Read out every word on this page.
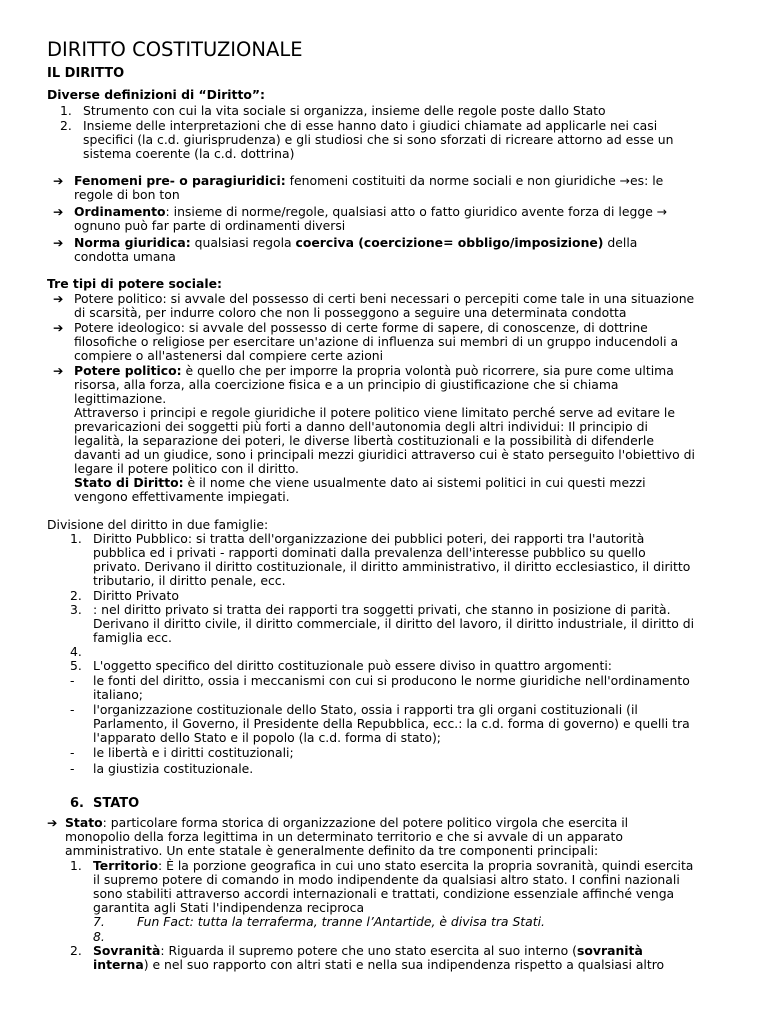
DIRITTO COSTITUZIONALE
IL DIRITTO
Diverse definizioni di “Diritto”:
1. Strumento con cui la vita sociale si organizza, insieme delle regole poste dallo Stato
2. Insieme delle interpretazioni che di esse hanno dato i giudici chiamate ad applicarle nei casi
specifici (la c.d. giurisprudenza) e gli studiosi che si sono sforzati di ricreare attorno ad esse un
sistema coerente (la c.d. dottrina)
➔ Fenomeni pre- o paragiuridici: fenomeni costituiti da norme sociali e non giuridiche →es: le
regole di bon ton
➔ Ordinamento: insieme di norme/regole, qualsiasi atto o fatto giuridico avente forza di legge →
ognuno può far parte di ordinamenti diversi
➔ Norma giuridica: qualsiasi regola coercivа (coercizione= obbligo/imposizione) della
condotta umana
Tre tipi di potere sociale:
➔ Potere politico: si avvale del possesso di certi beni necessari o percepiti come tale in una situazione
di scarsità, per indurre coloro che non li posseggono a seguire una determinata condotta
➔ Potere ideologico: si avvale del possesso di certe forme di sapere, di conoscenze, di dottrine
filosofiche o religiose per esercitare un'azione di influenza sui membri di un gruppo inducendoli a
compiere o all'astenersi dal compiere certe azioni
➔ Potere politico: è quello che per imporre la propria volontà può ricorrere, sia pure come ultima
risorsa, alla forza, alla coercizione fisica e a un principio di giustificazione che si chiama
legittimazione.
Attraverso i principi e regole giuridiche il potere politico viene limitato perché serve ad evitare le
prevaricazioni dei soggetti più forti a danno dell'autonomia degli altri individui: Il principio di
legalità, la separazione dei poteri, le diverse libertà costituzionali e la possibilità di difenderle
davanti ad un giudice, sono i principali mezzi giuridici attraverso cui è stato perseguito l'obiettivo di
legare il potere politico con il diritto.
Stato di Diritto: è il nome che viene usualmente dato ai sistemi politici in cui questi mezzi
vengono effettivamente impiegati.
Divisione del diritto in due famiglie:
1. Diritto Pubblico: si tratta dell'organizzazione dei pubblici poteri, dei rapporti tra l'autorità
pubblica ed i privati - rapporti dominati dalla prevalenza dell'interesse pubblico su quello
privato. Derivano il diritto costituzionale, il diritto amministrativo, il diritto ecclesiastico, il diritto
tributario, il diritto penale, ecc.
2. Diritto Privato
3. : nel diritto privato si tratta dei rapporti tra soggetti privati, che stanno in posizione di parità.
Derivano il diritto civile, il diritto commerciale, il diritto del lavoro, il diritto industriale, il diritto di
famiglia ecc.
4.
5. L'oggetto specifico del diritto costituzionale può essere diviso in quattro argomenti:
- le fonti del diritto, ossia i meccanismi con cui si producono le norme giuridiche nell'ordinamento
italiano;
- l'organizzazione costituzionale dello Stato, ossia i rapporti tra gli organi costituzionali (il
Parlamento, il Governo, il Presidente della Repubblica, ecc.: la c.d. forma di governo) e quelli tra
l'apparato dello Stato e il popolo (la c.d. forma di stato);
- le libertà e i diritti costituzionali;
- la giustizia costituzionale.
6. STATO
➔ Stato: particolare forma storica di organizzazione del potere politico virgola che esercita il
monopolio della forza legittima in un determinato territorio e che si avvale di un apparato
amministrativo. Un ente statale è generalmente definito da tre componenti principali:
1. Territorio: È la porzione geografica in cui uno stato esercita la propria sovranità, quindi esercita
il supremo potere di comando in modo indipendente da qualsiasi altro stato. I confini nazionali
sono stabiliti attraverso accordi internazionali e trattati, condizione essenziale affinché venga
garantita agli Stati l'indipendenza reciproca
7.	Fun Fact: tutta la terraferma, tranne l’Antartide, è divisa tra Stati.
8.
2. Sovranità: Riguarda il supremo potere che uno stato esercita al suo interno (sovranità
interna) e nel suo rapporto con altri stati e nella sua indipendenza rispetto a qualsiasi altro
